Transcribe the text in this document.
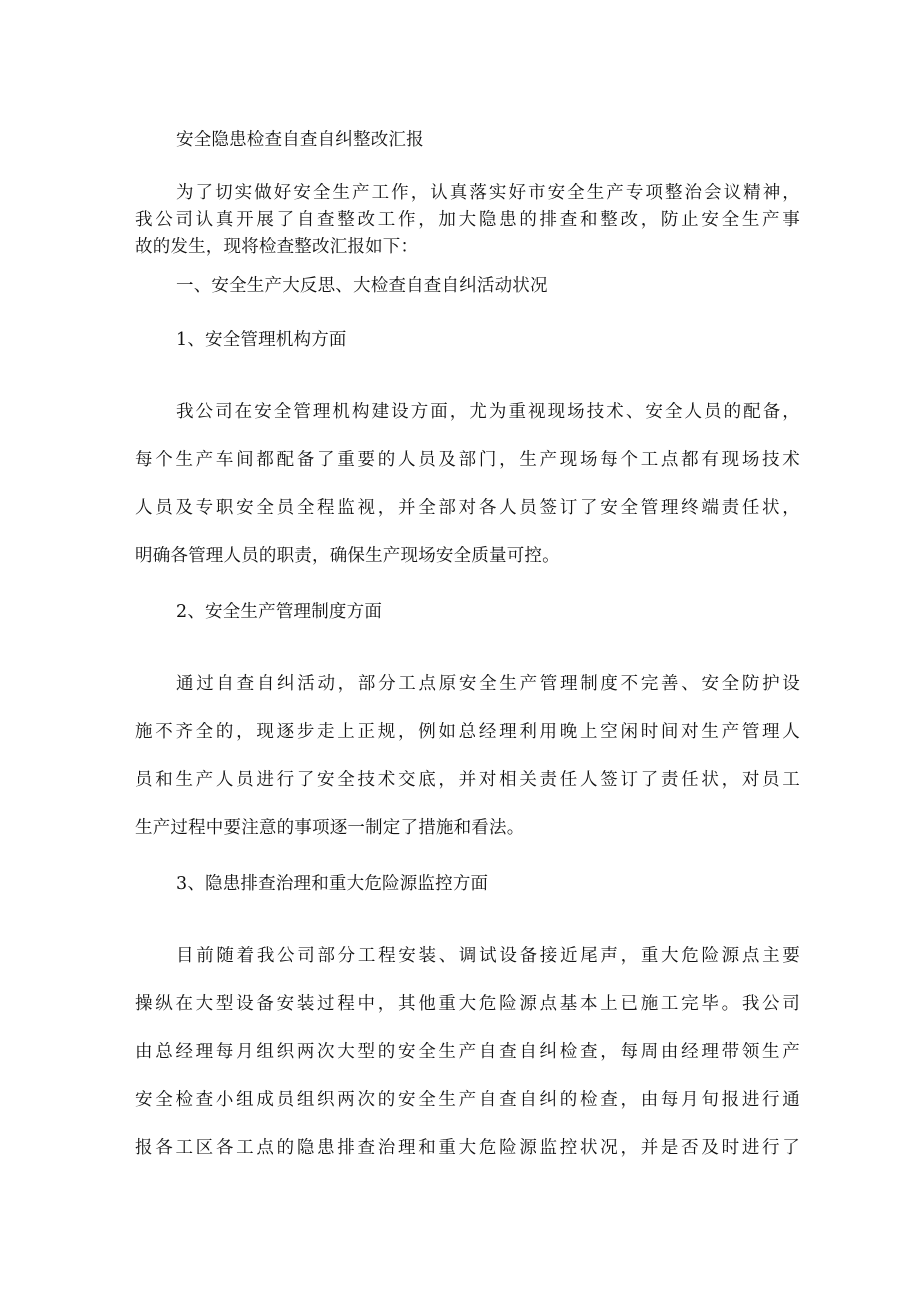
安全隐患检查自查自纠整改汇报
为了切实做好安全生产工作，认真落实好市安全生产专项整治会议精神，
我公司认真开展了自查整改工作，加大隐患的排查和整改，防止安全生产事
故的发生，现将检查整改汇报如下：
一、安全生产大反思、大检查自查自纠活动状况
1、安全管理机构方面
我公司在安全管理机构建设方面，尤为重视现场技术、安全人员的配备，
每个生产车间都配备了重要的人员及部门，生产现场每个工点都有现场技术
人员及专职安全员全程监视，并全部对各人员签订了安全管理终端责任状，
明确各管理人员的职责，确保生产现场安全质量可控。
2、安全生产管理制度方面
通过自查自纠活动，部分工点原安全生产管理制度不完善、安全防护设
施不齐全的，现逐步走上正规，例如总经理利用晚上空闲时间对生产管理人
员和生产人员进行了安全技术交底，并对相关责任人签订了责任状，对员工
生产过程中要注意的事项逐一制定了措施和看法。
3、隐患排查治理和重大危险源监控方面
目前随着我公司部分工程安装、调试设备接近尾声，重大危险源点主要
操纵在大型设备安装过程中，其他重大危险源点基本上已施工完毕。我公司
由总经理每月组织两次大型的安全生产自查自纠检查，每周由经理带领生产
安全检查小组成员组织两次的安全生产自查自纠的检查，由每月旬报进行通
报各工区各工点的隐患排查治理和重大危险源监控状况，并是否及时进行了
